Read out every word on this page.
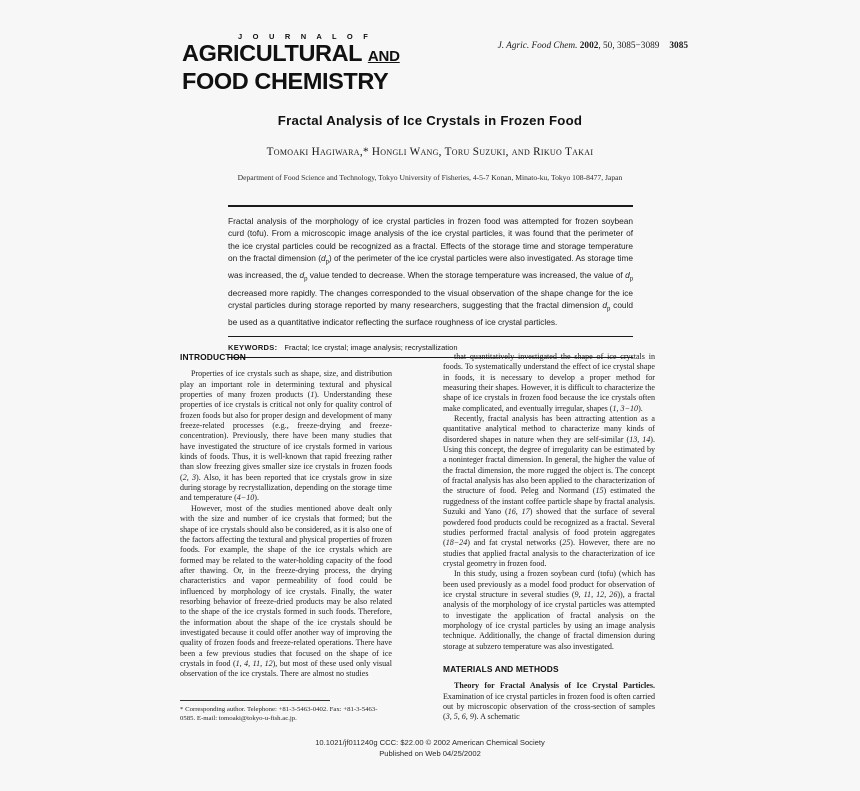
J O U R N A L O F
AGRICULTURAL AND
FOOD CHEMISTRY
J. Agric. Food Chem. 2002, 50, 3085−3089 3085
Fractal Analysis of Ice Crystals in Frozen Food
Tomoaki Hagiwara,* Hongli Wang, Toru Suzuki, and Rikuo Takai
Department of Food Science and Technology, Tokyo University of Fisheries, 4-5-7 Konan, Minato-ku, Tokyo 108-8477, Japan
Fractal analysis of the morphology of ice crystal particles in frozen food was attempted for frozen soybean curd (tofu). From a microscopic image analysis of the ice crystal particles, it was found that the perimeter of the ice crystal particles could be recognized as a fractal. Effects of the storage time and storage temperature on the fractal dimension $(d_p)$ of the perimeter of the ice crystal particles were also investigated. As storage time was increased, the $d_p$ value tended to decrease. When the storage temperature was increased, the value of $d_p$ decreased more rapidly. The changes corresponded to the visual observation of the shape change for the ice crystal particles during storage reported by many researchers, suggesting that the fractal dimension $d_p$ could be used as a quantitative indicator reflecting the surface roughness of ice crystal particles.
KEYWORDS: Fractal; Ice crystal; image analysis; recrystallization
INTRODUCTION

Properties of ice crystals such as shape, size, and distribution play an important role in determining textural and physical properties of many frozen products (1). Understanding these properties of ice crystals is critical not only for quality control of frozen foods but also for proper design and development of many freeze-related processes (e.g., freeze-drying and freeze-concentration). Previously, there have been many studies that have investigated the structure of ice crystals formed in various kinds of foods. Thus, it is well-known that rapid freezing rather than slow freezing gives smaller size ice crystals in frozen foods (2, 3). Also, it has been reported that ice crystals grow in size during storage by recrystallization, depending on the storage time and temperature (4−10).

However, most of the studies mentioned above dealt only with the size and number of ice crystals that formed; but the shape of ice crystals should also be considered, as it is also one of the factors affecting the textural and physical properties of frozen foods. For example, the shape of the ice crystals which are formed may be related to the water-holding capacity of the food after thawing. Or, in the freeze-drying process, the drying characteristics and vapor permeability of food could be influenced by morphology of ice crystals. Finally, the water resorbing behavior of freeze-dried products may be also related to the shape of the ice crystals formed in such foods. Therefore, the information about the shape of the ice crystals should be investigated because it could offer another way of improving the quality of frozen foods and freeze-related operations. There have been a few previous studies that focused on the shape of ice crystals in food (1, 4, 11, 12), but most of these used only visual observation of the ice crystals. There are almost no studies

that quantitatively investigated the shape of ice crystals in foods. To systematically understand the effect of ice crystal shape in foods, it is necessary to develop a proper method for measuring their shapes. However, it is difficult to characterize the shape of ice crystals in frozen food because the ice crystals often make complicated, and eventually irregular, shapes (1, 3−10).

Recently, fractal analysis has been attracting attention as a quantitative analytical method to characterize many kinds of disordered shapes in nature when they are self-similar (13, 14). Using this concept, the degree of irregularity can be estimated by a noninteger fractal dimension. In general, the higher the value of the fractal dimension, the more rugged the object is. The concept of fractal analysis has also been applied to the characterization of the structure of food. Peleg and Normand (15) estimated the ruggedness of the instant coffee particle shape by fractal analysis. Suzuki and Yano (16, 17) showed that the surface of several powdered food products could be recognized as a fractal. Several studies performed fractal analysis of food protein aggregates (18−24) and fat crystal networks (25). However, there are no studies that applied fractal analysis to the characterization of ice crystal geometry in frozen food.

In this study, using a frozen soybean curd (tofu) (which has been used previously as a model food product for observation of ice crystal structure in several studies (9, 11, 12, 26)), a fractal analysis of the morphology of ice crystal particles was attempted to investigate the application of fractal analysis on the morphology of ice crystal particles by using an image analysis technique. Additionally, the change of fractal dimension during storage at subzero temperature was also investigated.

MATERIALS AND METHODS

Theory for Fractal Analysis of Ice Crystal Particles. Examination of ice crystal particles in frozen food is often carried out by microscopic observation of the cross-section of samples (3, 5, 6, 9). A schematic

* Corresponding author. Telephone: +81-3-5463-0402. Fax: +81-3-5463-0585. E-mail: tomoaki@tokyo-u-fish.ac.jp.
10.1021/jf011240g CCC: $22.00 © 2002 American Chemical Society
Published on Web 04/25/2002
